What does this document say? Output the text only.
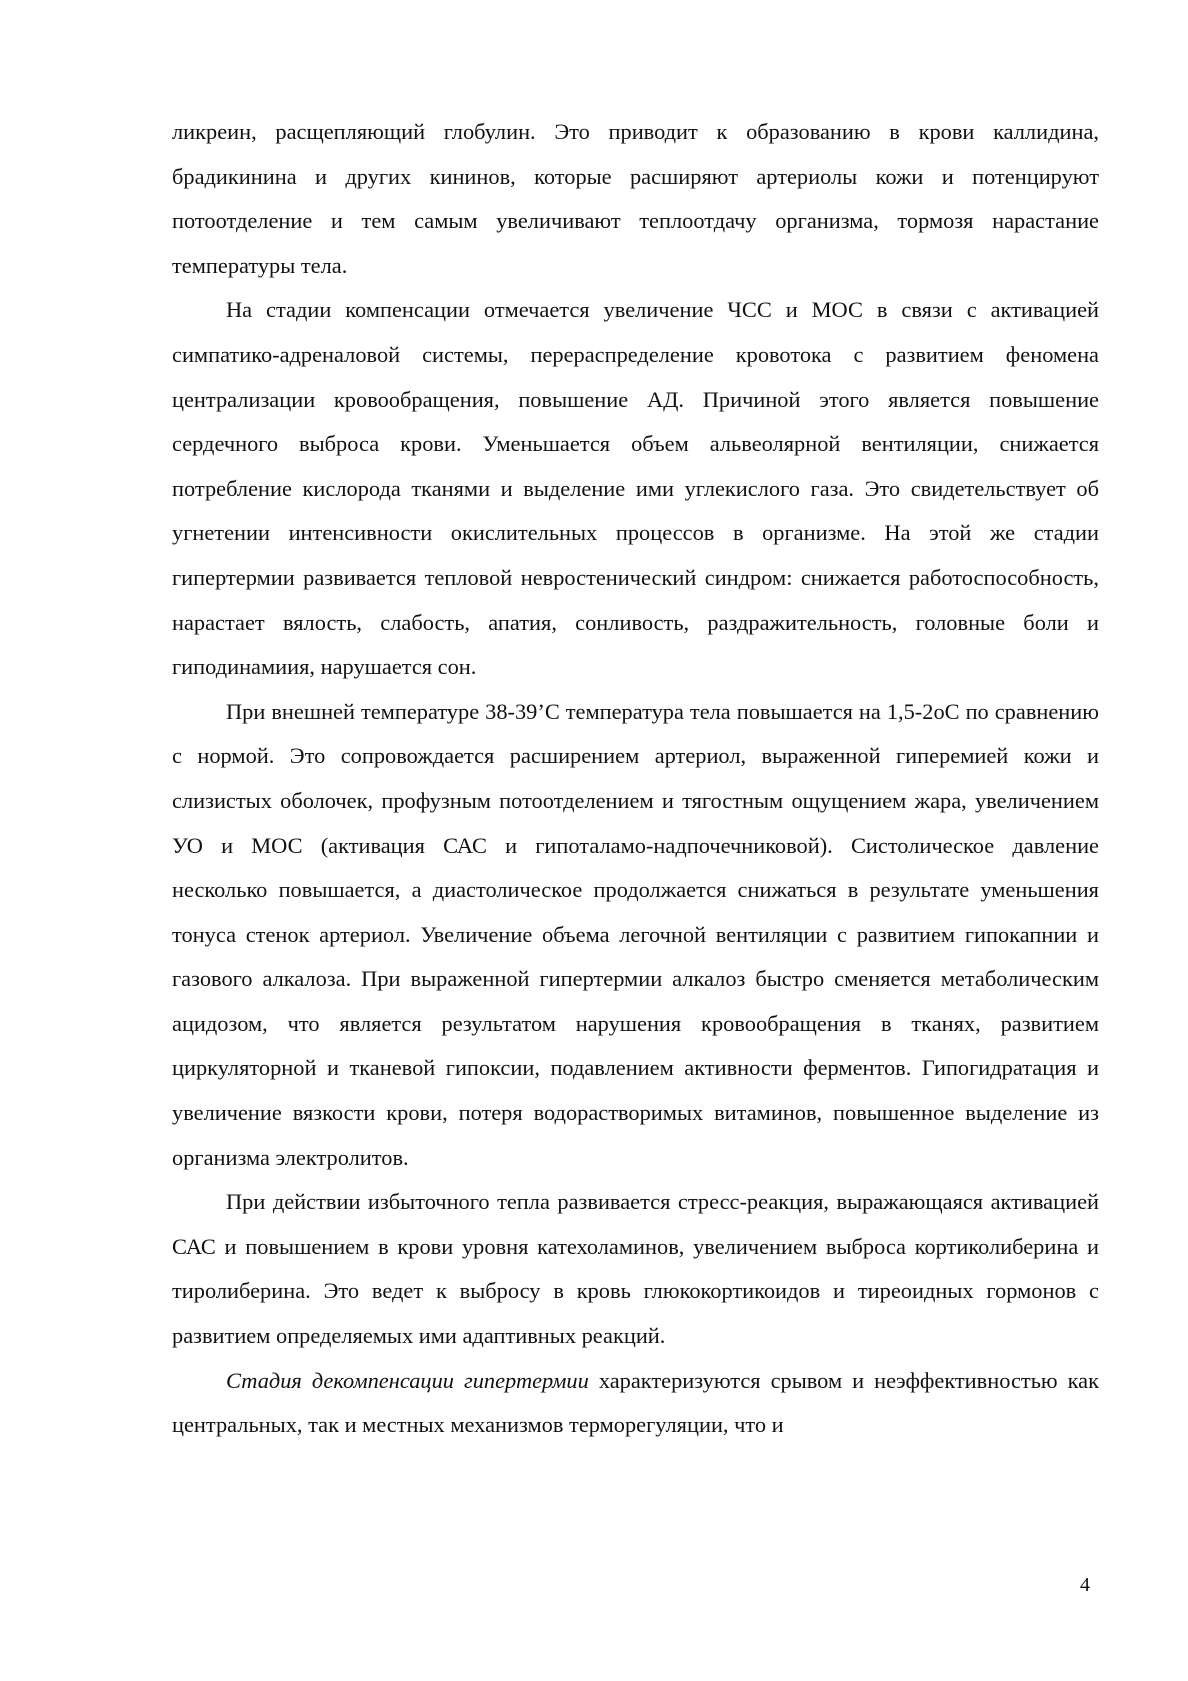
ликреин, расщепляющий глобулин. Это приводит к образованию в крови каллидина, брадикинина и других кининов, которые расширяют артериолы кожи и потенцируют потоотделение и тем самым увеличивают теплоотдачу организма, тормозя нарастание температуры тела.

На стадии компенсации отмечается увеличение ЧСС и МОС в связи с активацией симпатико-адреналовой системы, перераспределение кровотока с развитием феномена централизации кровообращения, повышение АД. Причиной этого является повышение сердечного выброса крови. Уменьшается объем альвеолярной вентиляции, снижается потребление кислорода тканями и выделение ими углекислого газа. Это свидетельствует об угнетении интенсивности окислительных процессов в организме. На этой же стадии гипертермии развивается тепловой невростенический синдром: снижается работоспособность, нарастает вялость, слабость, апатия, сонливость, раздражительность, головные боли и гиподинамиия, нарушается сон.

При внешней температуре 38-39’С температура тела повышается на 1,5-2оС по сравнению с нормой. Это сопровождается расширением артериол, выраженной гиперемией кожи и слизистых оболочек, профузным потоотделением и тягостным ощущением жара, увеличением УО и МОС (активация САС и гипоталамо-надпочечниковой). Систолическое давление несколько повышается, а диастолическое продолжается снижаться в результате уменьшения тонуса стенок артериол. Увеличение объема легочной вентиляции с развитием гипокапнии и газового алкалоза. При выраженной гипертермии алкалоз быстро сменяется метаболическим ацидозом, что является результатом нарушения кровообращения в тканях, развитием циркуляторной и тканевой гипоксии, подавлением активности ферментов. Гипогидратация и увеличение вязкости крови, потеря водорастворимых витаминов, повышенное выделение из организма электролитов.

При действии избыточного тепла развивается стресс-реакция, выражающаяся активацией САС и повышением в крови уровня катехоламинов, увеличением выброса кортиколиберина и тиролиберина. Это ведет к выбросу в кровь глюкокортикоидов и тиреоидных гормонов с развитием определяемых ими адаптивных реакций.

Стадия декомпенсации гипертермии характеризуются срывом и неэффективностью как центральных, так и местных механизмов терморегуляции, что и

4
